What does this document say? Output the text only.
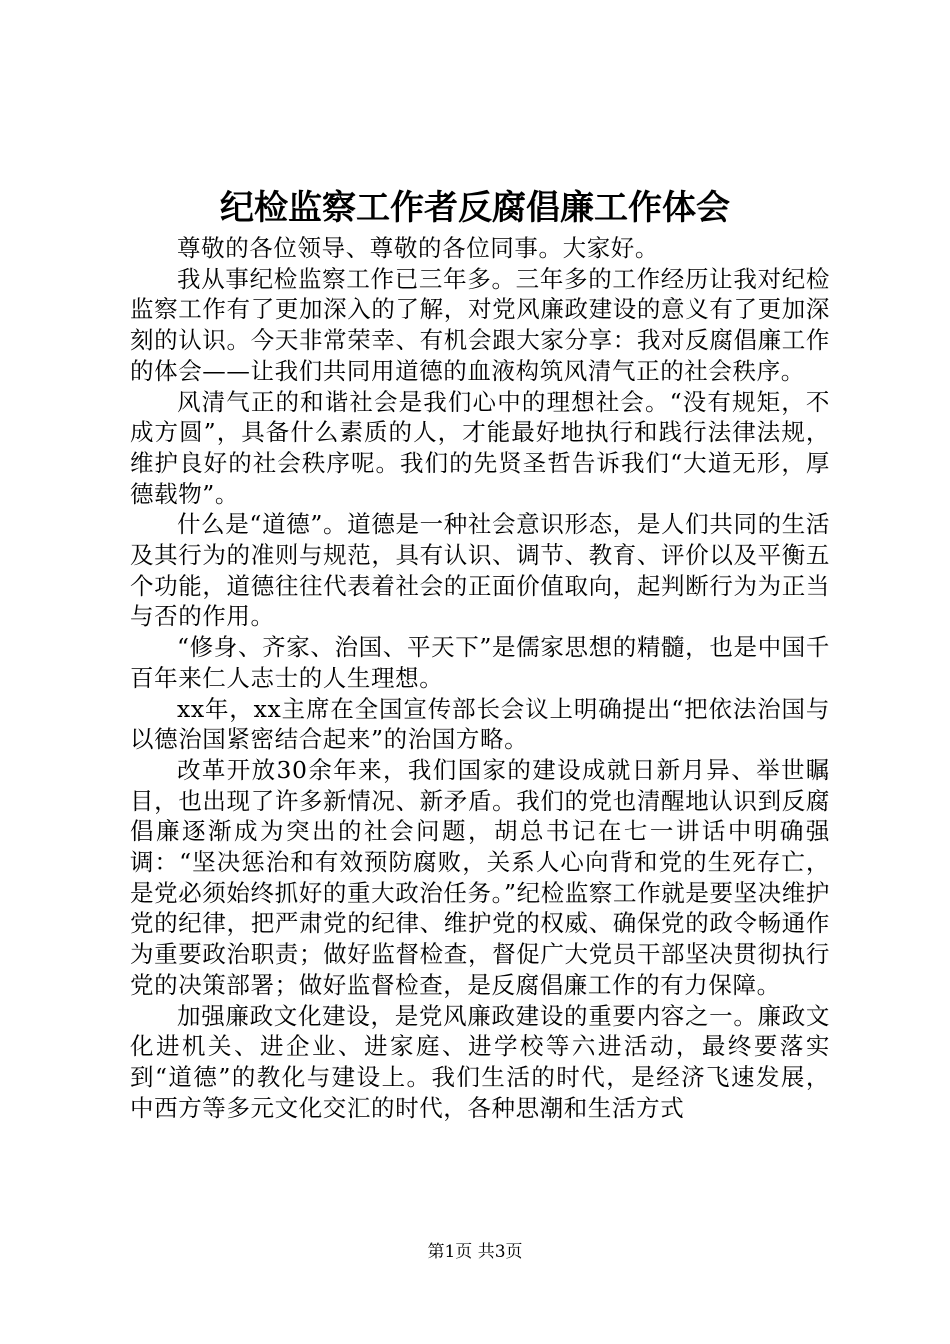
纪检监察工作者反腐倡廉工作体会

尊敬的各位领导、尊敬的各位同事。大家好。

我从事纪检监察工作已三年多。三年多的工作经历让我对纪检监察工作有了更加深入的了解，对党风廉政建设的意义有了更加深刻的认识。今天非常荣幸、有机会跟大家分享：我对反腐倡廉工作的体会——让我们共同用道德的血液构筑风清气正的社会秩序。

风清气正的和谐社会是我们心中的理想社会。“没有规矩，不成方圆”，具备什么素质的人，才能最好地执行和践行法律法规，维护良好的社会秩序呢。我们的先贤圣哲告诉我们“大道无形，厚德载物”。

什么是“道德”。道德是一种社会意识形态，是人们共同的生活及其行为的准则与规范，具有认识、调节、教育、评价以及平衡五个功能，道德往往代表着社会的正面价值取向，起判断行为为正当与否的作用。

“修身、齐家、治国、平天下”是儒家思想的精髓，也是中国千百年来仁人志士的人生理想。

xx年，xx主席在全国宣传部长会议上明确提出“把依法治国与以德治国紧密结合起来”的治国方略。

改革开放30余年来，我们国家的建设成就日新月异、举世瞩目，也出现了许多新情况、新矛盾。我们的党也清醒地认识到反腐倡廉逐渐成为突出的社会问题，胡总书记在七一讲话中明确强调：“坚决惩治和有效预防腐败，关系人心向背和党的生死存亡，是党必须始终抓好的重大政治任务。”纪检监察工作就是要坚决维护党的纪律，把严肃党的纪律、维护党的权威、确保党的政令畅通作为重要政治职责；做好监督检查，督促广大党员干部坚决贯彻执行党的决策部署；做好监督检查，是反腐倡廉工作的有力保障。

加强廉政文化建设，是党风廉政建设的重要内容之一。廉政文化进机关、进企业、进家庭、进学校等六进活动，最终要落实到“道德”的教化与建设上。我们生活的时代，是经济飞速发展，中西方等多元文化交汇的时代，各种思潮和生活方式

第1页 共3页
